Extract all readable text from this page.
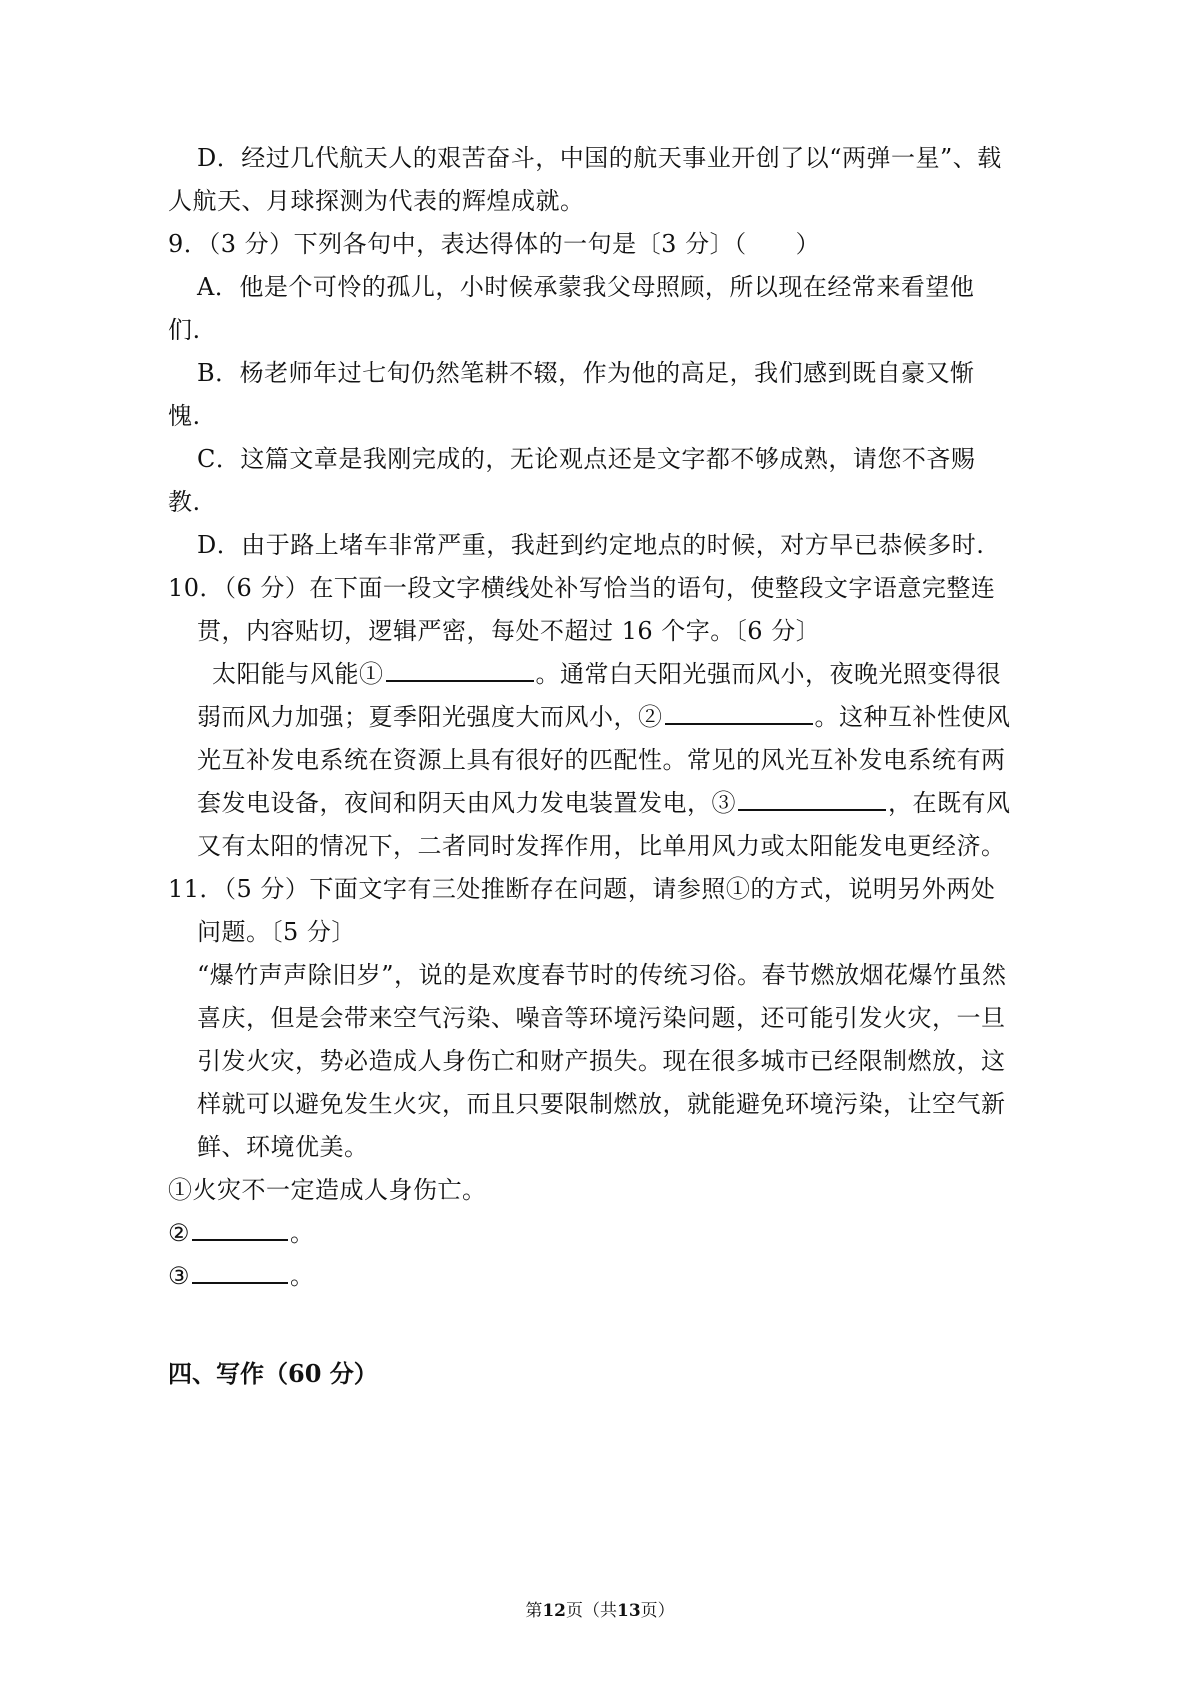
D．经过几代航天人的艰苦奋斗，中国的航天事业开创了以“两弹一星”、载
人航天、月球探测为代表的辉煌成就。
9．（3 分）下列各句中，表达得体的一句是〔3 分〕（　　）
A．他是个可怜的孤儿，小时候承蒙我父母照顾，所以现在经常来看望他
们.
B．杨老师年过七旬仍然笔耕不辍，作为他的高足，我们感到既自豪又惭
愧.
C．这篇文章是我刚完成的，无论观点还是文字都不够成熟，请您不吝赐
教.
D．由于路上堵车非常严重，我赶到约定地点的时候，对方早已恭候多时.
10．（6 分）在下面一段文字横线处补写恰当的语句，使整段文字语意完整连
贯，内容贴切，逻辑严密，每处不超过 16 个字。〔6 分〕
太阳能与风能①	。通常白天阳光强而风小，夜晚光照变得很
弱而风力加强；夏季阳光强度大而风小，②	。这种互补性使风
光互补发电系统在资源上具有很好的匹配性。常见的风光互补发电系统有两
套发电设备，夜间和阴天由风力发电装置发电，③	，在既有风
又有太阳的情况下，二者同时发挥作用，比单用风力或太阳能发电更经济。
11．（5 分）下面文字有三处推断存在问题，请参照①的方式，说明另外两处
问题。〔5 分〕
“爆竹声声除旧岁”，说的是欢度春节时的传统习俗。春节燃放烟花爆竹虽然
喜庆，但是会带来空气污染、噪音等环境污染问题，还可能引发火灾，一旦
引发火灾，势必造成人身伤亡和财产损失。现在很多城市已经限制燃放，这
样就可以避免发生火灾，而且只要限制燃放，就能避免环境污染，让空气新
鲜、环境优美。
①火灾不一定造成人身伤亡。
②	。
③	。
四、写作（60 分）
第12页（共13页）
